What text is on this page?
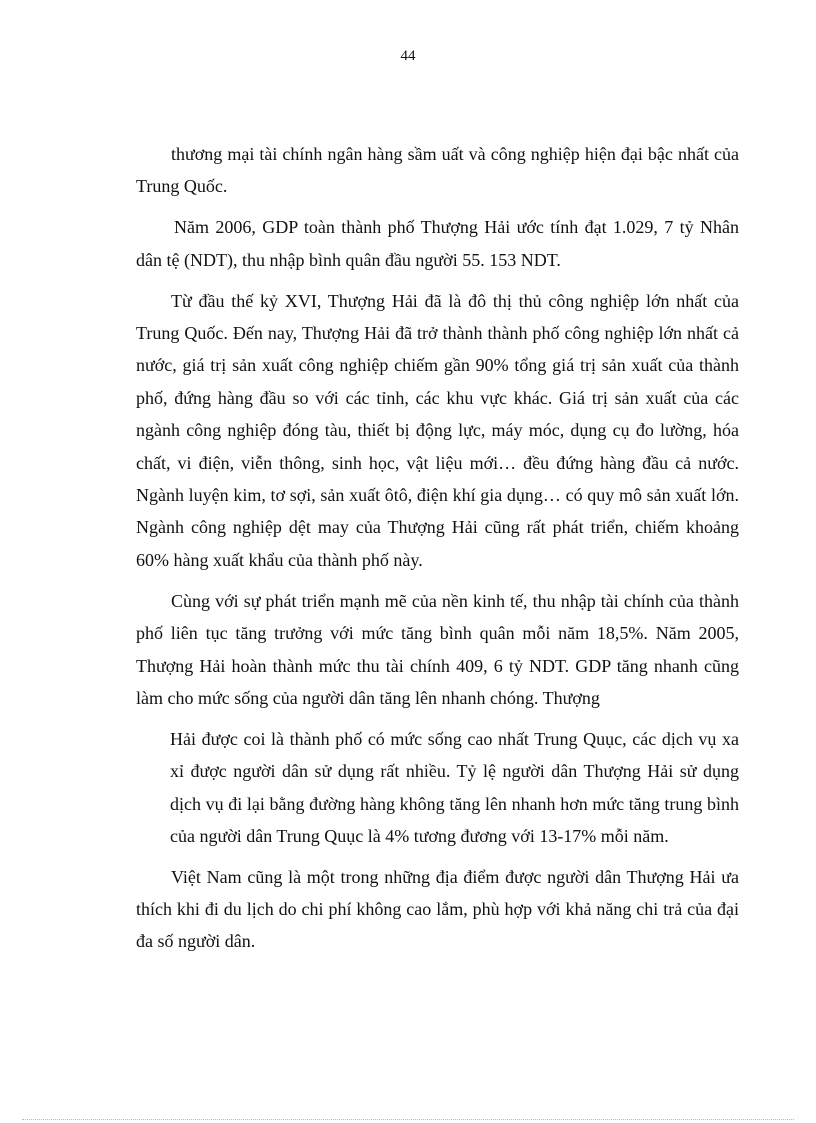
44

thương mại tài chính ngân hàng sầm uất và công nghiệp hiện đại bậc nhất của Trung Quốc.

Năm 2006, GDP toàn thành phố Thượng Hải ước tính đạt 1.029, 7 tỷ Nhân dân tệ (NDT), thu nhập bình quân đầu người 55. 153 NDT.

Từ đầu thế kỷ XVI, Thượng Hải đã là đô thị thủ công nghiệp lớn nhất của Trung Quốc. Đến nay, Thượng Hải đã trở thành thành phố công nghiệp lớn nhất cả nước, giá trị sản xuất công nghiệp chiếm gần 90% tổng giá trị sản xuất của thành phố, đứng hàng đầu so với các tỉnh, các khu vực khác. Giá trị sản xuất của các ngành công nghiệp đóng tàu, thiết bị động lực, máy móc, dụng cụ đo lường, hóa chất, vi điện, viễn thông, sinh học, vật liệu mới… đều đứng hàng đầu cả nước. Ngành luyện kim, tơ sợi, sản xuất ôtô, điện khí gia dụng… có quy mô sản xuất lớn. Ngành công nghiệp dệt may của Thượng Hải cũng rất phát triển, chiếm khoảng 60% hàng xuất khẩu của thành phố này.

Cùng với sự phát triển mạnh mẽ của nền kinh tế, thu nhập tài chính của thành phố liên tục tăng trưởng với mức tăng bình quân mỗi năm 18,5%. Năm 2005, Thượng Hải hoàn thành mức thu tài chính 409, 6 tỷ NDT. GDP tăng nhanh cũng làm cho mức sống của người dân tăng lên nhanh chóng. Thượng

Hải được coi là thành phố có mức sống cao nhất Trung Quục, các dịch vụ xa xỉ được người dân sử dụng rất nhiều. Tỷ lệ người dân Thượng Hải sử dụng dịch vụ đi lại bằng đường hàng không tăng lên nhanh hơn mức tăng trung bình của người dân Trung Quục là 4% tương đương với 13-17% mỗi năm.

Việt Nam cũng là một trong những địa điểm được người dân Thượng Hải ưa thích khi đi du lịch do chi phí không cao lắm, phù hợp với khả năng chi trả của đại đa số người dân.
